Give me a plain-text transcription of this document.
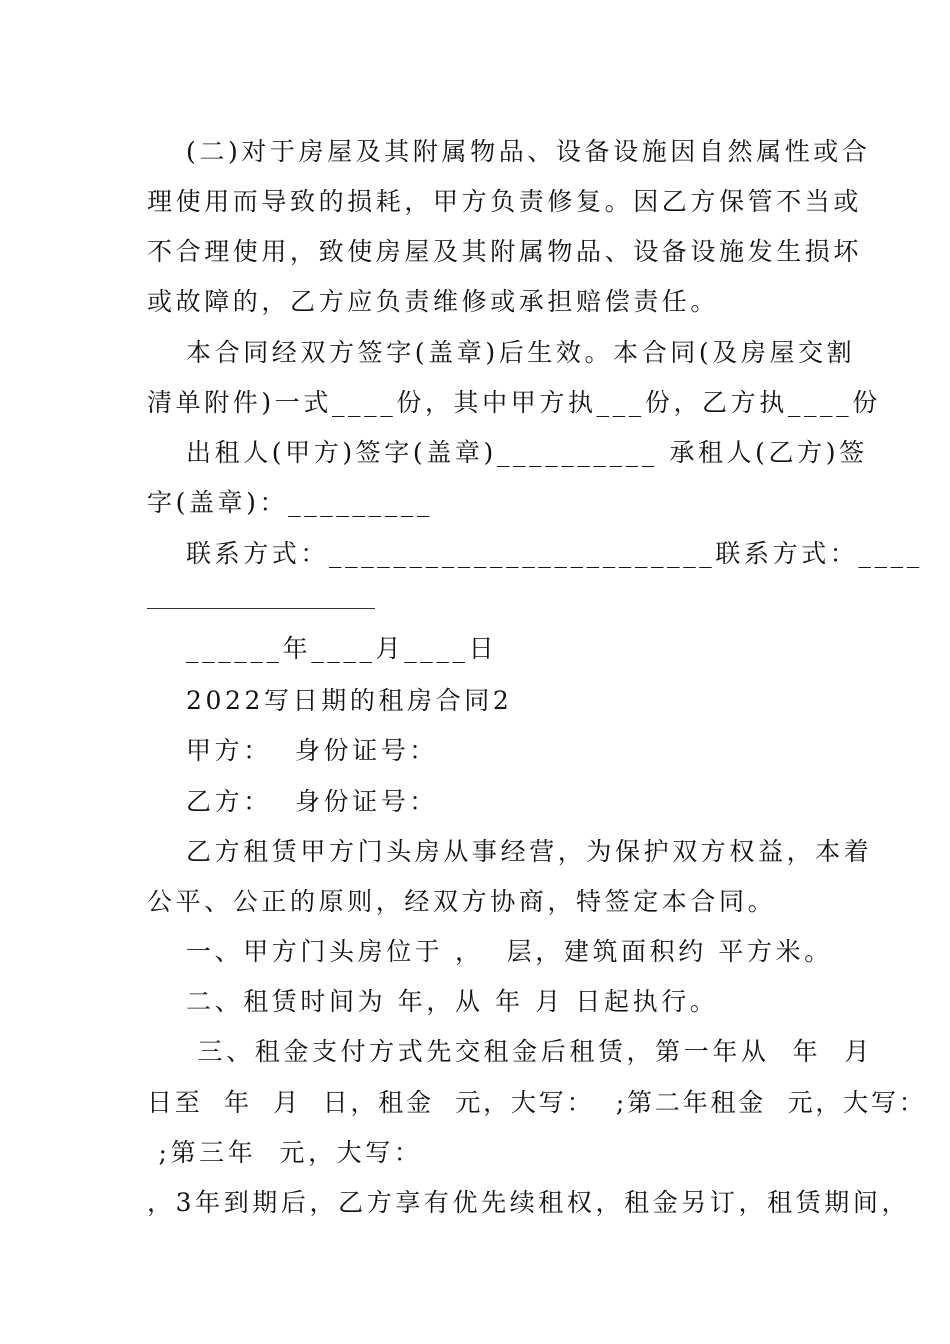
(二)对于房屋及其附属物品、设备设施因自然属性或合
理使用而导致的损耗，甲方负责修复。因乙方保管不当或
不合理使用，致使房屋及其附属物品、设备设施发生损坏
或故障的，乙方应负责维修或承担赔偿责任。
本合同经双方签字(盖章)后生效。本合同(及房屋交割
清单附件)一式____份，其中甲方执___份，乙方执____份
出租人(甲方)签字(盖章)__________ 承租人(乙方)签
字(盖章)：_________
联系方式：________________________联系方式：____
______年____月____日
2022写日期的租房合同2
甲方：  身份证号：
乙方：  身份证号：
乙方租赁甲方门头房从事经营，为保护双方权益，本着
公平、公正的原则，经双方协商，特签定本合同。
一、甲方门头房位于 ，  层，建筑面积约 平方米。
二、租赁时间为 年，从 年 月 日起执行。
三、租金支付方式先交租金后租赁，第一年从  年  月
日至  年  月  日，租金  元，大写：  ;第二年租金  元，大写：
;第三年  元，大写：
，3年到期后，乙方享有优先续租权，租金另订，租赁期间，
